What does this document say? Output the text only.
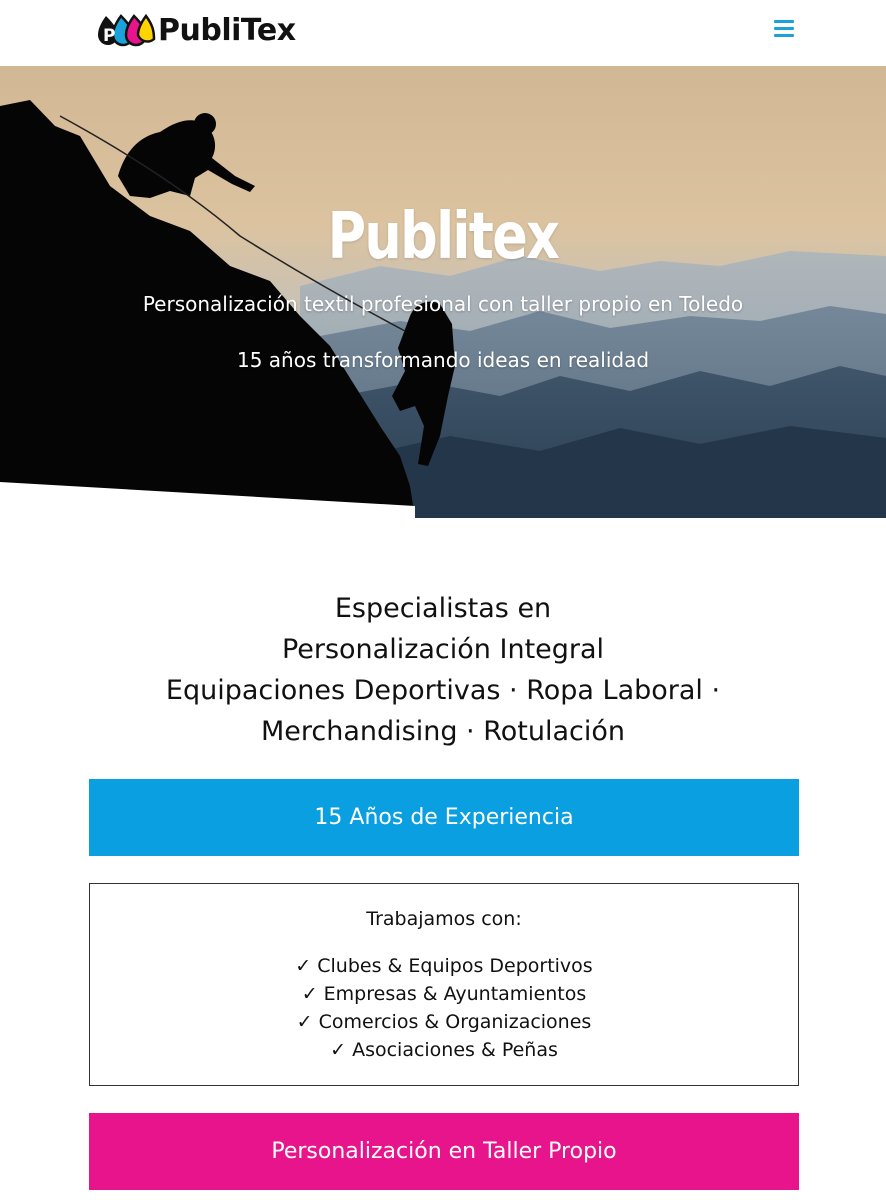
P PubliTex
Publitex
Personalización textil profesional con taller propio en Toledo
15 años transformando ideas en realidad
Especialistas en
Personalización Integral
Equipaciones Deportivas · Ropa Laboral ·
Merchandising · Rotulación
15 Años de Experiencia
Trabajamos con:
✓ Clubes & Equipos Deportivos
✓ Empresas & Ayuntamientos
✓ Comercios & Organizaciones
✓ Asociaciones & Peñas
Personalización en Taller Propio
